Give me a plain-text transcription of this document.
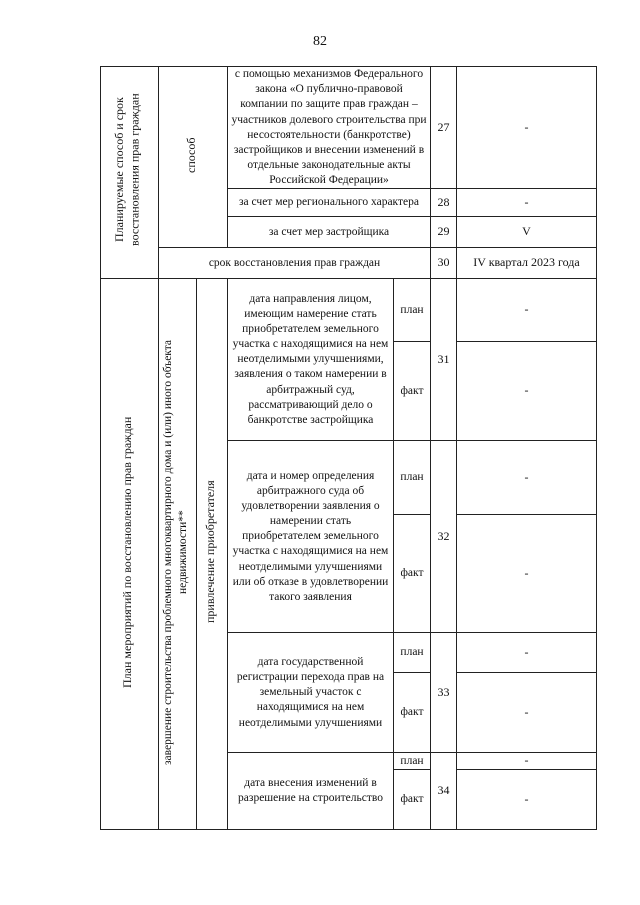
82
Планируемые способ и срок восстановления прав граждан	способ		с помощью механизмов Федерального закона «О публично-правовой компании по защите прав граждан – участников долевого строительства при несостоятельности (банкротстве) застройщиков и внесении изменений в отдельные законодательные акты Российской Федерации»		27	-
			за счет мер регионального характера		28	-
			за счет мер застройщика		29	V
	срок восстановления прав граждан				30	IV квартал 2023 года
План мероприятий по восстановлению прав граждан	завершение строительства проблемного многоквартирного дома и (или) иного объекта недвижимости**	привлечение приобретателя	дата направления лицом, имеющим намерение стать приобретателем земельного участка с находящимися на нем неотделимыми улучшениями, заявления о таком намерении в арбитражный суд, рассматривающий дело о банкротстве застройщика	план	31	-
				факт		-
			дата и номер определения арбитражного суда об удовлетворении заявления о намерении стать приобретателем земельного участка с находящимися на нем неотделимыми улучшениями или об отказе в удовлетворении такого заявления	план	32	-
				факт		-
			дата государственной регистрации перехода прав на земельный участок с находящимися на нем неотделимыми улучшениями	план	33	-
				факт		-
			дата внесения изменений в разрешение на строительство	план	34	-
				факт		-
